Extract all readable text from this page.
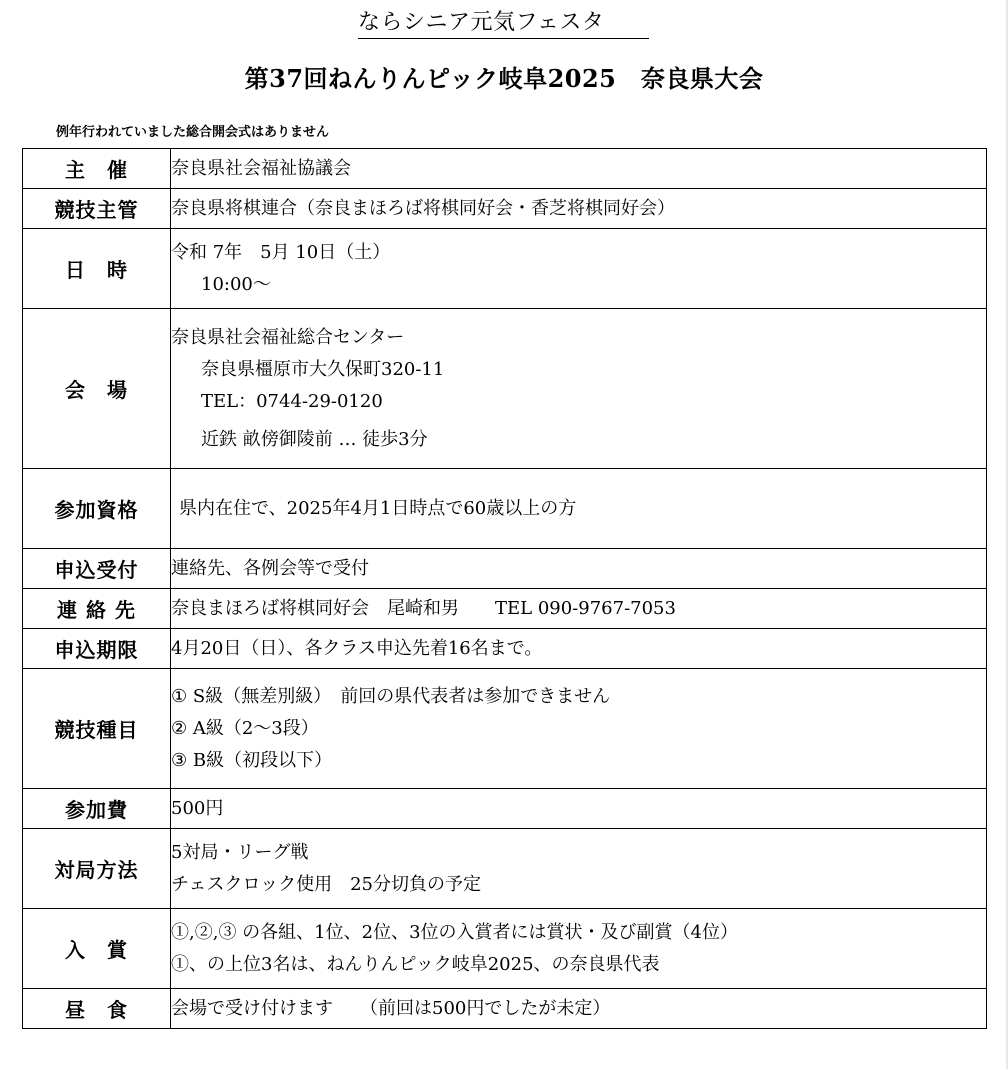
ならシニア元気フェスタ
第37回ねんりんピック岐阜2025　奈良県大会
例年行われていました総合開会式はありません
主　催	奈良県社会福祉協議会

競技主管	奈良県将棋連合（奈良まほろば将棋同好会・香芝将棋同好会）

日　時	令和 7年　5月 10日（土）
10:00～

会　場	奈良県社会福祉総合センター
奈良県橿原市大久保町320-11
TEL：0744-29-0120
近鉄 畝傍御陵前 … 徒歩3分

参加資格	県内在住で、2025年4月1日時点で60歳以上の方

申込受付	連絡先、各例会等で受付

連 絡 先	奈良まほろば将棋同好会　尾崎和男　　TEL 090-9767-7053

申込期限	4月20日（日）、各クラス申込先着16名まで。

競技種目	① S級（無差別級）　前回の県代表者は参加できません
② A級（2～3段）
③ B級（初段以下）

参加費	500円

対局方法	5対局・リーグ戦
チェスクロック使用　25分切負の予定

入　賞	①,②,③ の各組、1位、2位、3位の入賞者には賞状・及び副賞（4位）
①、の上位3名は、ねんりんピック岐阜2025、の奈良県代表

昼　食	会場で受け付けます　　（前回は500円でしたが未定）
